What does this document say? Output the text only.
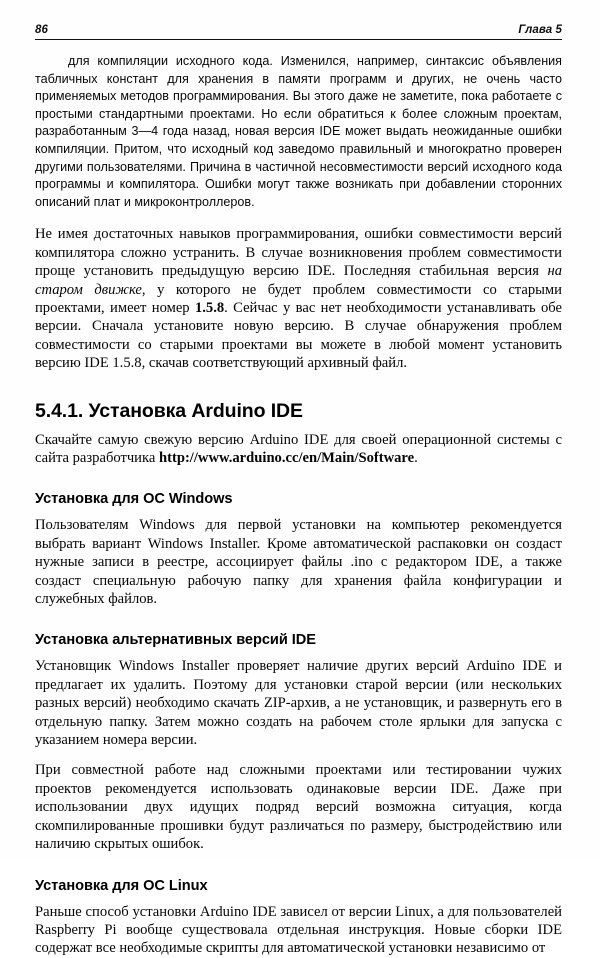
86	Глава 5

для компиляции исходного кода. Изменился, например, синтаксис объявления табличных констант для хранения в памяти программ и других, не очень часто применяемых методов программирования. Вы этого даже не заметите, пока работаете с простыми стандартными проектами. Но если обратиться к более сложным проектам, разработанным 3—4 года назад, новая версия IDE может выдать неожиданные ошибки компиляции. Притом, что исходный код заведомо правильный и многократно проверен другими пользователями. Причина в частичной несовместимости версий исходного кода программы и компилятора. Ошибки могут также возникать при добавлении сторонних описаний плат и микроконтроллеров.

Не имея достаточных навыков программирования, ошибки совместимости версий компилятора сложно устранить. В случае возникновения проблем совместимости проще установить предыдущую версию IDE. Последняя стабильная версия на старом движке, у которого не будет проблем совместимости со старыми проектами, имеет номер 1.5.8. Сейчас у вас нет необходимости устанавливать обе версии. Сначала установите новую версию. В случае обнаружения проблем совместимости со старыми проектами вы можете в любой момент установить версию IDE 1.5.8, скачав соответствующий архивный файл.

5.4.1. Установка Arduino IDE

Скачайте самую свежую версию Arduino IDE для своей операционной системы с сайта разработчика http://www.arduino.cc/en/Main/Software.

Установка для ОС Windows

Пользователям Windows для первой установки на компьютер рекомендуется выбрать вариант Windows Installer. Кроме автоматической распаковки он создаст нужные записи в реестре, ассоциирует файлы .ino с редактором IDE, а также создаст специальную рабочую папку для хранения файла конфигурации и служебных файлов.

Установка альтернативных версий IDE

Установщик Windows Installer проверяет наличие других версий Arduino IDE и предлагает их удалить. Поэтому для установки старой версии (или нескольких разных версий) необходимо скачать ZIP-архив, а не установщик, и развернуть его в отдельную папку. Затем можно создать на рабочем столе ярлыки для запуска с указанием номера версии.

При совместной работе над сложными проектами или тестировании чужих проектов рекомендуется использовать одинаковые версии IDE. Даже при использовании двух идущих подряд версий возможна ситуация, когда скомпилированные прошивки будут различаться по размеру, быстродействию или наличию скрытых ошибок.

Установка для ОС Linux

Раньше способ установки Arduino IDE зависел от версии Linux, а для пользователей Raspberry Pi вообще существовала отдельная инструкция. Новые сборки IDE содержат все необходимые скрипты для автоматической установки независимо от
